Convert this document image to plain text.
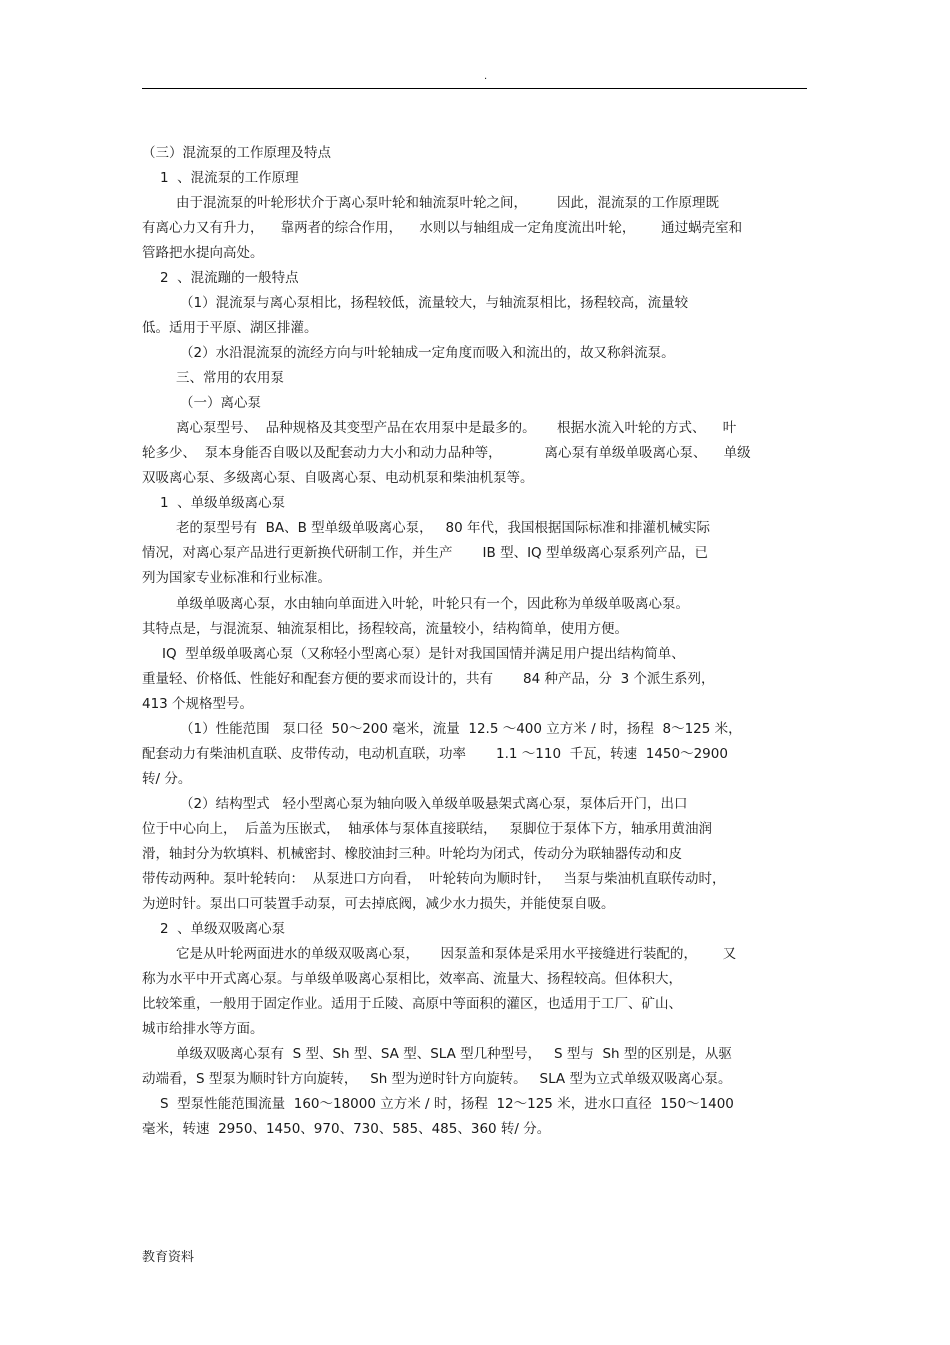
.
（三）混流泵的工作原理及特点
1  、混流泵的工作原理
由于混流泵的叶轮形状介于离心泵叶轮和轴流泵叶轮之间，       因此，混流泵的工作原理既
有离心力又有升力，    靠两者的综合作用，    水则以与轴组成一定角度流出叶轮，      通过蜗壳室和
管路把水提向高处。
2  、混流蹦的一般特点
（1）混流泵与离心泵相比，扬程较低，流量较大，与轴流泵相比，扬程较高，流量较
低。适用于平原、湖区排灌。
（2）水沿混流泵的流经方向与叶轮轴成一定角度而吸入和流出的，故又称斜流泵。
三、常用的农用泵
（一）离心泵
离心泵型号、  品种规格及其变型产品在农用泵中是最多的。     根据水流入叶轮的方式、    叶
轮多少、  泵本身能否自吸以及配套动力大小和动力品种等，          离心泵有单级单吸离心泵、    单级
双吸离心泵、多级离心泵、自吸离心泵、电动机泵和柴油机泵等。
1  、单级单级离心泵
老的泵型号有  BA、B 型单级单吸离心泵，   80 年代，我国根据国际标准和排灌机械实际
情况，对离心泵产品进行更新换代研制工作，并生产       IB 型、IQ 型单级离心泵系列产品，已
列为国家专业标准和行业标准。
单级单吸离心泵，水由轴向单面进入叶轮，叶轮只有一个，因此称为单级单吸离心泵。
其特点是，与混流泵、轴流泵相比，扬程较高，流量较小，结构简单，使用方便。
IQ  型单级单吸离心泵（又称轻小型离心泵）是针对我国国情并满足用户提出结构简单、
重量轻、价格低、性能好和配套方便的要求而设计的，共有       84 种产品，分  3 个派生系列，
413 个规格型号。
（1）性能范围   泵口径  50～200 毫米，流量  12.5 ～400 立方米 / 时，扬程  8～125 米，
配套动力有柴油机直联、皮带传动，电动机直联，功率       1.1 ～110  千瓦，转速  1450～2900
转/ 分。
（2）结构型式   轻小型离心泵为轴向吸入单级单吸悬架式离心泵，泵体后开门，出口
位于中心向上，  后盖为压嵌式，  轴承体与泵体直接联结，   泵脚位于泵体下方，轴承用黄油润
滑，轴封分为软填料、机械密封、橡胶油封三种。叶轮均为闭式，传动分为联轴器传动和皮
带传动两种。泵叶轮转向：  从泵进口方向看，  叶轮转向为顺时针，   当泵与柴油机直联传动时，
为逆时针。泵出口可装置手动泵，可去掉底阀，减少水力损失，并能使泵自吸。
2  、单级双吸离心泵
它是从叶轮两面进水的单级双吸离心泵，     因泵盖和泵体是采用水平接缝进行装配的，      又
称为水平中开式离心泵。与单级单吸离心泵相比，效率高、流量大、扬程较高。但体积大，
比较笨重，一般用于固定作业。适用于丘陵、高原中等面积的灌区，也适用于工厂、矿山、
城市给排水等方面。
单级双吸离心泵有  S 型、Sh 型、SA 型、SLA 型几种型号，   S 型与  Sh 型的区别是，从驱
动端看，S 型泵为顺时针方向旋转，   Sh 型为逆时针方向旋转。   SLA 型为立式单级双吸离心泵。
S  型泵性能范围流量  160～18000 立方米 / 时，扬程  12～125 米，进水口直径  150～1400
毫米，转速  2950、1450、970、730、585、485、360 转/ 分。
教育资料
